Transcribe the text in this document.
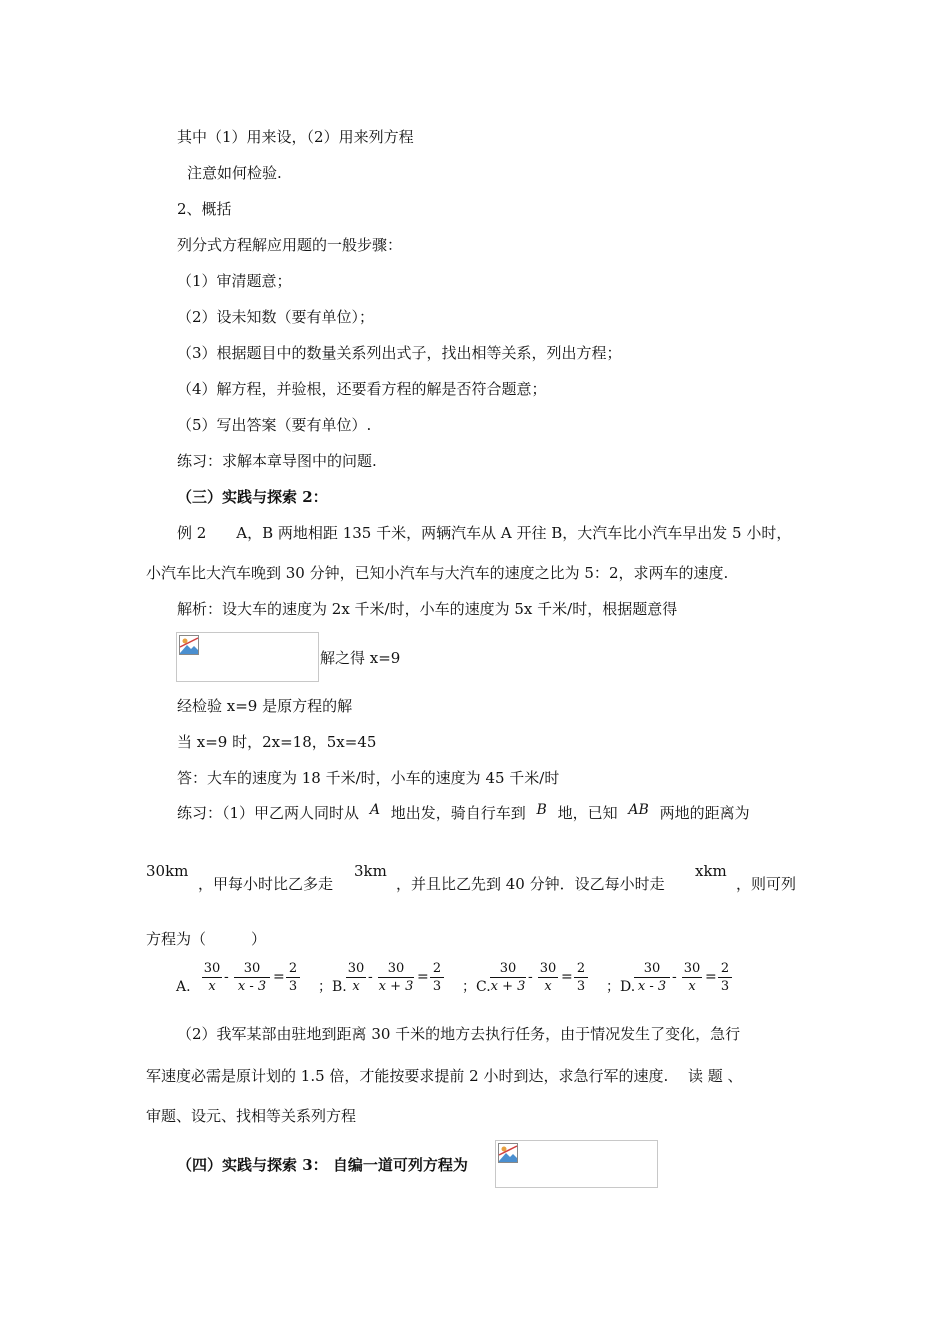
其中（1）用来设，（2）用来列方程
注意如何检验.
2、概括
列分式方程解应用题的一般步骤：
（1）审清题意；
（2）设未知数（要有单位）；
（3）根据题目中的数量关系列出式子，找出相等关系，列出方程；
（4）解方程，并验根，还要看方程的解是否符合题意；
（5）写出答案（要有单位）.
练习：求解本章导图中的问题.
（三）实践与探索 2：
例 2　　A，B 两地相距 135 千米，两辆汽车从 A 开往 B，大汽车比小汽车早出发 5 小时，
小汽车比大汽车晚到 30 分钟，已知小汽车与大汽车的速度之比为 5：2，求两车的速度.
解析：设大车的速度为 2x 千米/时，小车的速度为 5x 千米/时，根据题意得
解之得 x=9
经检验 x=9 是原方程的解
当 x=9 时，2x=18，5x=45
答：大车的速度为 18 千米/时，小车的速度为 45 千米/时
练习：（1）甲乙两人同时从 A 地出发，骑自行车到 B 地，已知 AB 两地的距离为
30km
，甲每小时比乙多走
3km
，并且比乙先到 40 分钟．设乙每小时走
xkm
，则可列
方程为（　　　）
A.
30
x
-
30
x - 3
=
2
3 ；B.
30
x
-
30
x + 3
=
2
3 ；C.
30
x + 3
-
30
x
=
2
3 ；D.
30
x - 3
-
30
x
=
2
3
（2）我军某部由驻地到距离 30 千米的地方去执行任务，由于情况发生了变化，急行
军速度必需是原计划的 1.5 倍，才能按要求提前 2 小时到达，求急行军的速度.　 读 题 、
审题、设元、找相等关系列方程
（四）实践与探索 3： 自编一道可列方程为
